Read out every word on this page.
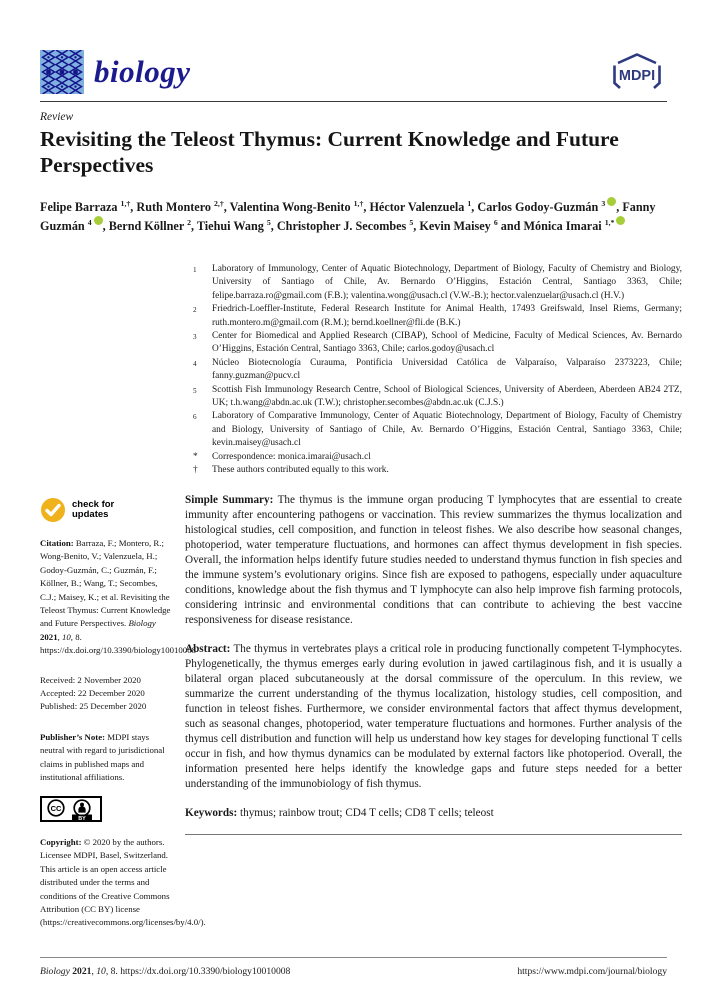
biology	MDPI
Review
Revisiting the Teleost Thymus: Current Knowledge and Future Perspectives

Felipe Barraza $^{1,\dagger}$, Ruth Montero $^{2,\dagger}$, Valentina Wong-Benito $^{1,\dagger}$, Héctor Valenzuela $^1$, Carlos Godoy-Guzmán $^3$ , Fanny Guzmán $^4$ , Bernd Köllner $^2$, Tiehui Wang $^5$, Christopher J. Secombes $^5$, Kevin Maisey $^6$ and Mónica Imarai $^{1,*}$

1 Laboratory of Immunology, Center of Aquatic Biotechnology, Department of Biology, Faculty of Chemistry and Biology, University of Santiago of Chile, Av. Bernardo O’Higgins, Estación Central, Santiago 3363, Chile; felipe.barraza.ro@gmail.com (F.B.); valentina.wong@usach.cl (V.W.-B.); hector.valenzuelar@usach.cl (H.V.)
2 Friedrich-Loeffler-Institute, Federal Research Institute for Animal Health, 17493 Greifswald, Insel Riems, Germany; ruth.montero.m@gmail.com (R.M.); bernd.koellner@fli.de (B.K.)
3 Center for Biomedical and Applied Research (CIBAP), School of Medicine, Faculty of Medical Sciences, Av. Bernardo O’Higgins, Estación Central, Santiago 3363, Chile; carlos.godoy@usach.cl
4 Núcleo Biotecnología Curauma, Pontificia Universidad Católica de Valparaíso, Valparaíso 2373223, Chile; fanny.guzman@pucv.cl
5 Scottish Fish Immunology Research Centre, School of Biological Sciences, University of Aberdeen, Aberdeen AB24 2TZ, UK; t.h.wang@abdn.ac.uk (T.W.); christopher.secombes@abdn.ac.uk (C.J.S.)
6 Laboratory of Comparative Immunology, Center of Aquatic Biotechnology, Department of Biology, Faculty of Chemistry and Biology, University of Santiago of Chile, Av. Bernardo O’Higgins, Estación Central, Santiago 3363, Chile; kevin.maisey@usach.cl
* Correspondence: monica.imarai@usach.cl
† These authors contributed equally to this work.

Simple Summary: The thymus is the immune organ producing T lymphocytes that are essential to create immunity after encountering pathogens or vaccination. This review summarizes the thymus localization and histological studies, cell composition, and function in teleost fishes. We also describe how seasonal changes, photoperiod, water temperature fluctuations, and hormones can affect thymus development in fish species. Overall, the information helps identify future studies needed to understand thymus function in fish species and the immune system’s evolutionary origins. Since fish are exposed to pathogens, especially under aquaculture conditions, knowledge about the fish thymus and T lymphocyte can also help improve fish farming protocols, considering intrinsic and environmental conditions that can contribute to achieving the best vaccine responsiveness for disease resistance.

Abstract: The thymus in vertebrates plays a critical role in producing functionally competent T-lymphocytes. Phylogenetically, the thymus emerges early during evolution in jawed cartilaginous fish, and it is usually a bilateral organ placed subcutaneously at the dorsal commissure of the operculum. In this review, we summarize the current understanding of the thymus localization, histology studies, cell composition, and function in teleost fishes. Furthermore, we consider environmental factors that affect thymus development, such as seasonal changes, photoperiod, water temperature fluctuations and hormones. Further analysis of the thymus cell distribution and function will help us understand how key stages for developing functional T cells occur in fish, and how thymus dynamics can be modulated by external factors like photoperiod. Overall, the information presented here helps identify the knowledge gaps and future steps needed for a better understanding of the immunobiology of fish thymus.

Keywords: thymus; rainbow trout; CD4 T cells; CD8 T cells; teleost

check for
updates
Citation: Barraza, F.; Montero, R.; Wong-Benito, V.; Valenzuela, H.; Godoy-Guzmán, C.; Guzmán, F.; Köllner, B.; Wang, T.; Secombes, C.J.; Maisey, K.; et al. Revisiting the Teleost Thymus: Current Knowledge and Future Perspectives. Biology 2021, 10, 8. https://dx.doi.org/10.3390/biology10010008
Received: 2 November 2020
Accepted: 22 December 2020
Published: 25 December 2020
Publisher’s Note: MDPI stays neutral with regard to jurisdictional claims in published maps and institutional affiliations.
CC
BY
Copyright: © 2020 by the authors. Licensee MDPI, Basel, Switzerland. This article is an open access article distributed under the terms and conditions of the Creative Commons Attribution (CC BY) license (https://creativecommons.org/licenses/by/4.0/).
Biology 2021, 10, 8. https://dx.doi.org/10.3390/biology10010008	https://www.mdpi.com/journal/biology
